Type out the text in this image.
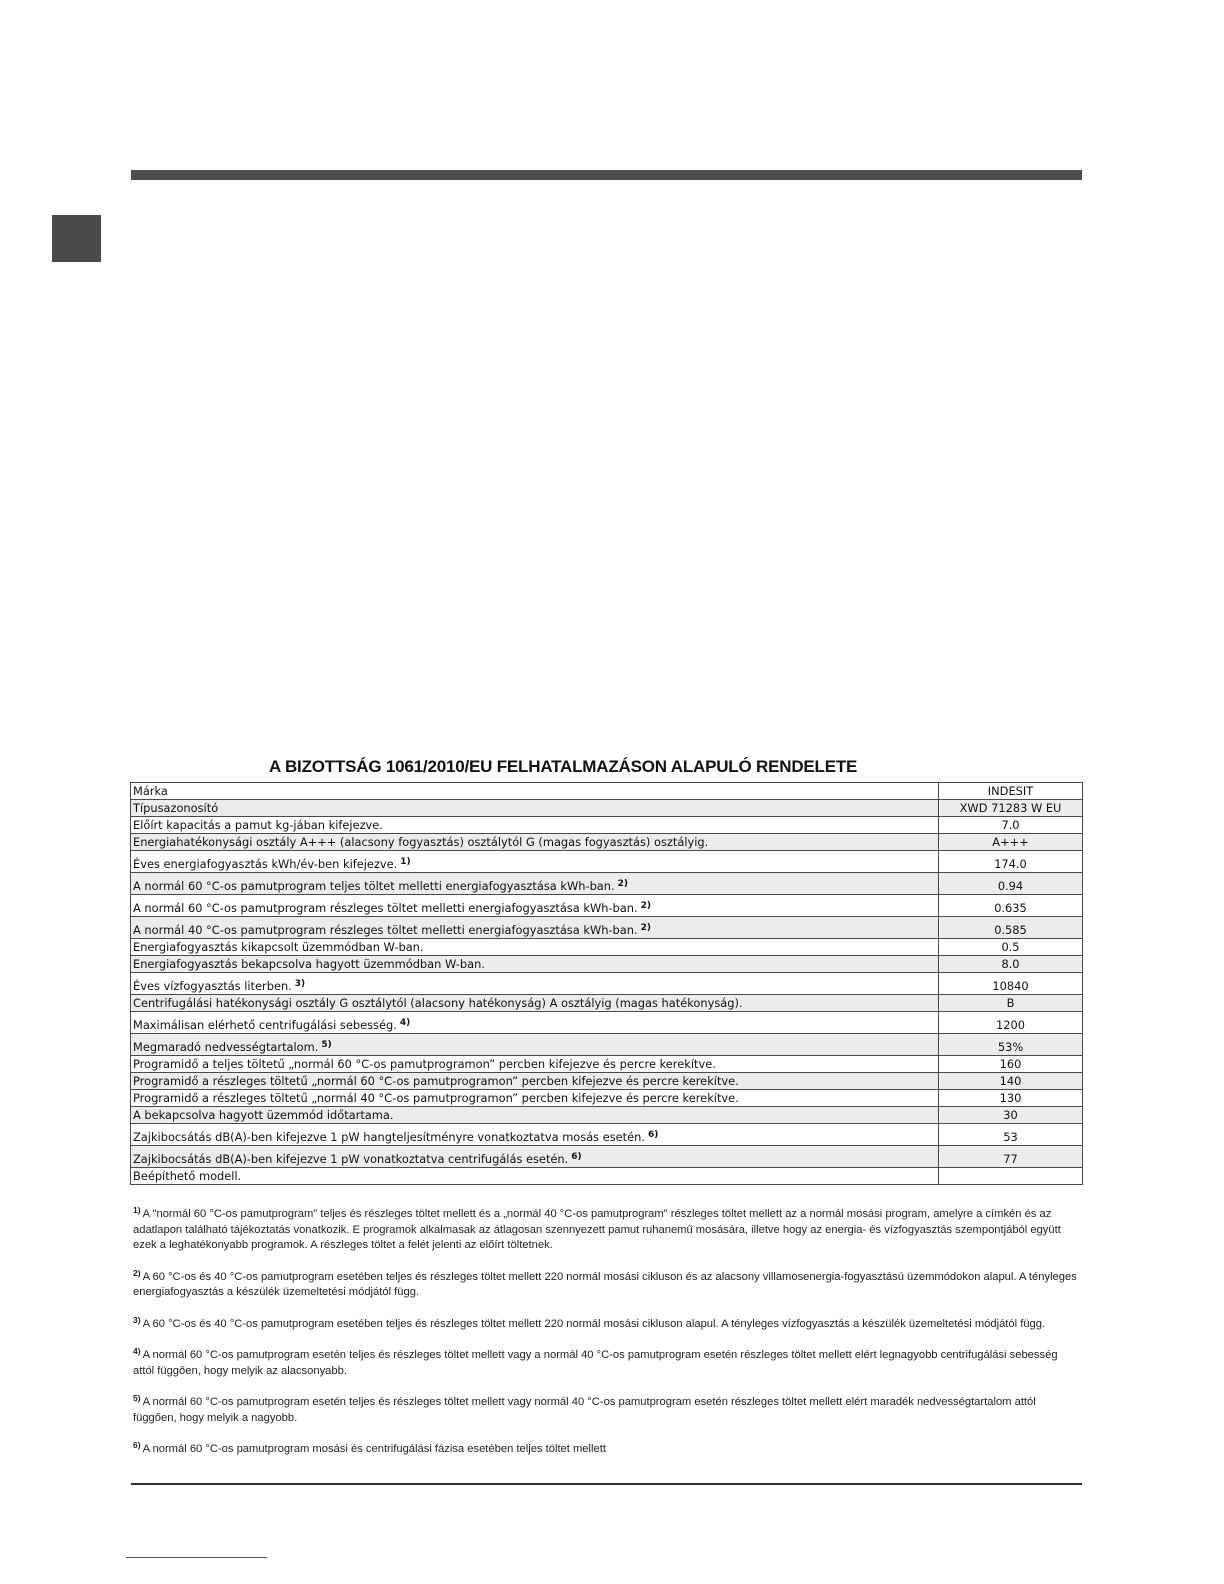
A BIZOTTSÁG 1061/2010/EU FELHATALMAZÁSON ALAPULÓ RENDELETE
Márka	INDESIT
Típusazonosító	XWD 71283 W EU
Előírt kapacitás a pamut kg-jában kifejezve.	7.0
Energiahatékonysági osztály A+++ (alacsony fogyasztás) osztálytól G (magas fogyasztás) osztályig.	A+++
Éves energiafogyasztás kWh/év-ben kifejezve. $^{1)}$	174.0
A normál 60 °C-os pamutprogram teljes töltet melletti energiafogyasztása kWh-ban. $^{2)}$	0.94
A normál 60 °C-os pamutprogram részleges töltet melletti energiafogyasztása kWh-ban. $^{2)}$	0.635
A normál 40 °C-os pamutprogram részleges töltet melletti energiafogyasztása kWh-ban. $^{2)}$	0.585
Energiafogyasztás kikapcsolt üzemmódban W-ban.	0.5
Energiafogyasztás bekapcsolva hagyott üzemmódban W-ban.	8.0
Éves vízfogyasztás literben. $^{3)}$	10840
Centrifugálási hatékonysági osztály G osztálytól (alacsony hatékonyság) A osztályig (magas hatékonyság).	B
Maximálisan elérhető centrifugálási sebesség. $^{4)}$	1200
Megmaradó nedvességtartalom. $^{5)}$	53%
Programidő a teljes töltetű „normál 60 °C-os pamutprogramon” percben kifejezve és percre kerekítve.	160
Programidő a részleges töltetű „normál 60 °C-os pamutprogramon” percben kifejezve és percre kerekítve.	140
Programidő a részleges töltetű „normál 40 °C-os pamutprogramon” percben kifejezve és percre kerekítve.	130
A bekapcsolva hagyott üzemmód időtartama.	30
Zajkibocsátás dB(A)-ben kifejezve 1 pW hangteljesítményre vonatkoztatva mosás esetén. $^{6)}$	53
Zajkibocsátás dB(A)-ben kifejezve 1 pW vonatkoztatva centrifugálás esetén. $^{6)}$	77
Beépíthető modell.	

$^{1)}$ A "normál 60 °C-os pamutprogram" teljes és részleges töltet mellett és a „normál 40 °C-os pamutprogram" részleges töltet mellett az a normál mosási program, amelyre a címkén és az adatlapon található tájékoztatás vonatkozik. E programok alkalmasak az átlagosan szennyezett pamut ruhanemű mosására, illetve hogy az energia- és vízfogyasztás szempontjából együtt ezek a leghatékonyabb programok. A részleges töltet a felét jelenti az előírt töltetnek.

$^{2)}$ A 60 °C-os és 40 °C-os pamutprogram esetében teljes és részleges töltet mellett 220 normál mosási cikluson és az alacsony villamosenergia-fogyasztású üzemmódokon alapul. A tényleges energiafogyasztás a készülék üzemeltetési módjától függ.

$^{3)}$ A 60 °C-os és 40 °C-os pamutprogram esetében teljes és részleges töltet mellett 220 normál mosási cikluson alapul. A tényleges vízfogyasztás a készülék üzemeltetési módjától függ.

$^{4)}$ A normál 60 °C-os pamutprogram esetén teljes és részleges töltet mellett vagy a normál 40 °C-os pamutprogram esetén részleges töltet mellett elért legnagyobb centrifugálási sebesség attól függően, hogy melyik az alacsonyabb.

$^{5)}$ A normál 60 °C-os pamutprogram esetén teljes és részleges töltet mellett vagy normál 40 °C-os pamutprogram esetén részleges töltet mellett elért maradék nedvességtartalom attól függően, hogy melyik a nagyobb.

$^{6)}$ A normál 60 °C-os pamutprogram mosási és centrifugálási fázisa esetében teljes töltet mellett
